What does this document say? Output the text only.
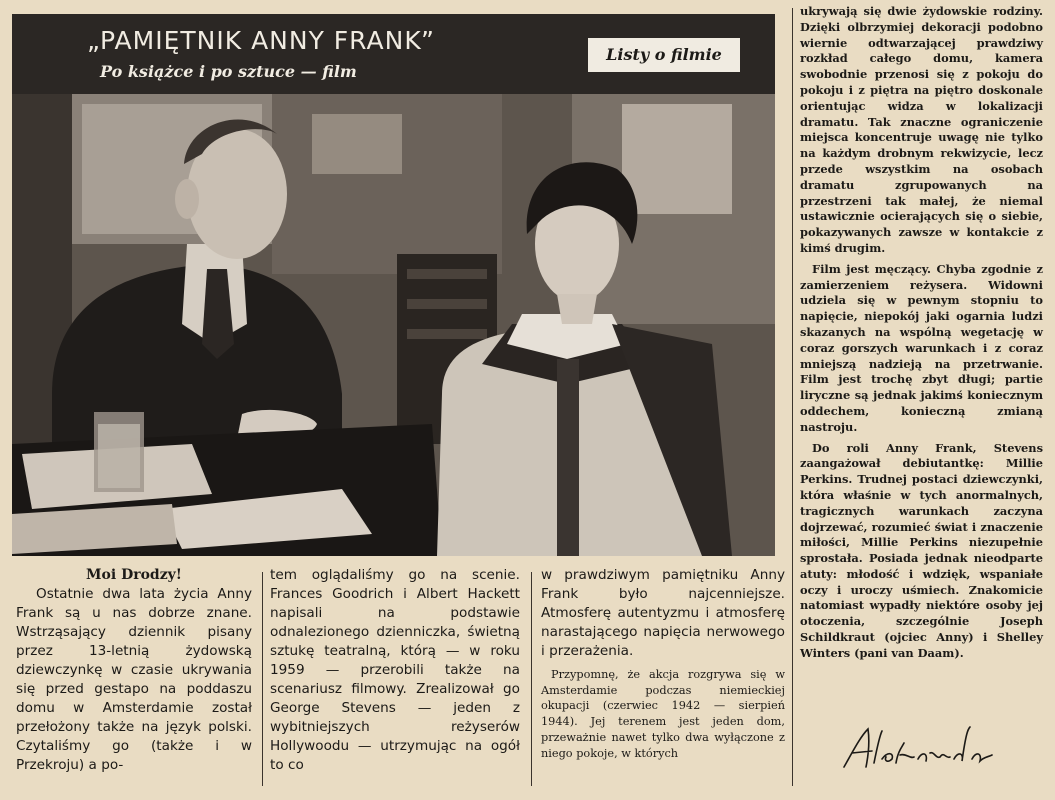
„PAMIĘTNIK ANNY FRANK”
Po książce i po sztuce — film
Listy o filmie

Moi Drodzy!

Ostatnie dwa lata życia Anny Frank są u nas dobrze znane. Wstrząsający dziennik pisany przez 13-letnią żydowską dziewczynkę w czasie ukrywania się przed gestapo na poddaszu domu w Amsterdamie został przełożony także na język polski. Czytaliśmy go (także i w Przekroju) a po-

tem oglądaliśmy go na scenie. Frances Goodrich i Albert Hackett napisali na podstawie odnalezionego dzienniczka, świetną sztukę teatralną, którą — w roku 1959 — przerobili także na scenariusz filmowy. Zrealizował go George Stevens — jeden z wybitniejszych reżyserów Hollywoodu — utrzymując na ogół to co

w prawdziwym pamiętniku Anny Frank było najcenniejsze. Atmosferę autentyzmu i atmosferę narastającego napięcia nerwowego i przerażenia.

Przypomnę, że akcja rozgrywa się w Amsterdamie podczas niemieckiej okupacji (czerwiec 1942 — sierpień 1944). Jej terenem jest jeden dom, przeważnie nawet tylko dwa wyłączone z niego pokoje, w których

ukrywają się dwie żydowskie rodziny. Dzięki olbrzymiej dekoracji podobno wiernie odtwarzającej prawdziwy rozkład całego domu, kamera swobodnie przenosi się z pokoju do pokoju i z piętra na piętro doskonale orientując widza w lokalizacji dramatu. Tak znaczne ograniczenie miejsca koncentruje uwagę nie tylko na każdym drobnym rekwizycie, lecz przede wszystkim na osobach dramatu zgrupowanych na przestrzeni tak małej, że niemal ustawicznie ocierających się o siebie, pokazywanych zawsze w kontakcie z kimś drugim.

Film jest męczący. Chyba zgodnie z zamierzeniem reżysera. Widowni udziela się w pewnym stopniu to napięcie, niepokój jaki ogarnia ludzi skazanych na wspólną wegetację w coraz gorszych warunkach i z coraz mniejszą nadzieją na przetrwanie. Film jest trochę zbyt długi; partie liryczne są jednak jakimś koniecznym oddechem, konieczną zmianą nastroju.

Do roli Anny Frank, Stevens zaangażował debiutantkę: Millie Perkins. Trudnej postaci dziewczynki, która właśnie w tych anormalnych, tragicznych warunkach zaczyna dojrzewać, rozumieć świat i znaczenie miłości, Millie Perkins niezupełnie sprostała. Posiada jednak nieodparte atuty: młodość i wdzięk, wspaniałe oczy i uroczy uśmiech. Znakomicie natomiast wypadły niektóre osoby jej otoczenia, szczególnie Joseph Schildkraut (ojciec Anny) i Shelley Winters (pani van Daam).
